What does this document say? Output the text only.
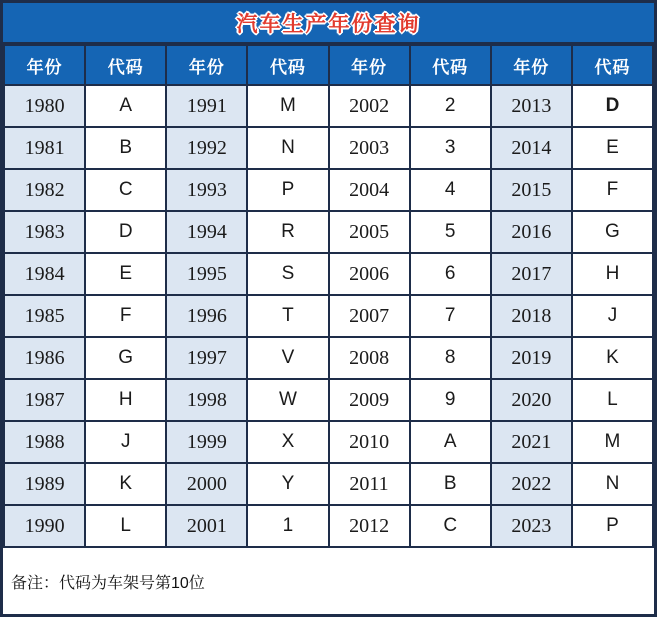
汽车生产年份查询
年份	代码	年份	代码	年份	代码	年份	代码
1980	A	1991	M	2002	2	2013	D
1981	B	1992	N	2003	3	2014	E
1982	C	1993	P	2004	4	2015	F
1983	D	1994	R	2005	5	2016	G
1984	E	1995	S	2006	6	2017	H
1985	F	1996	T	2007	7	2018	J
1986	G	1997	V	2008	8	2019	K
1987	H	1998	W	2009	9	2020	L
1988	J	1999	X	2010	A	2021	M
1989	K	2000	Y	2011	B	2022	N
1990	L	2001	1	2012	C	2023	P
备注：代码为车架号第10位
